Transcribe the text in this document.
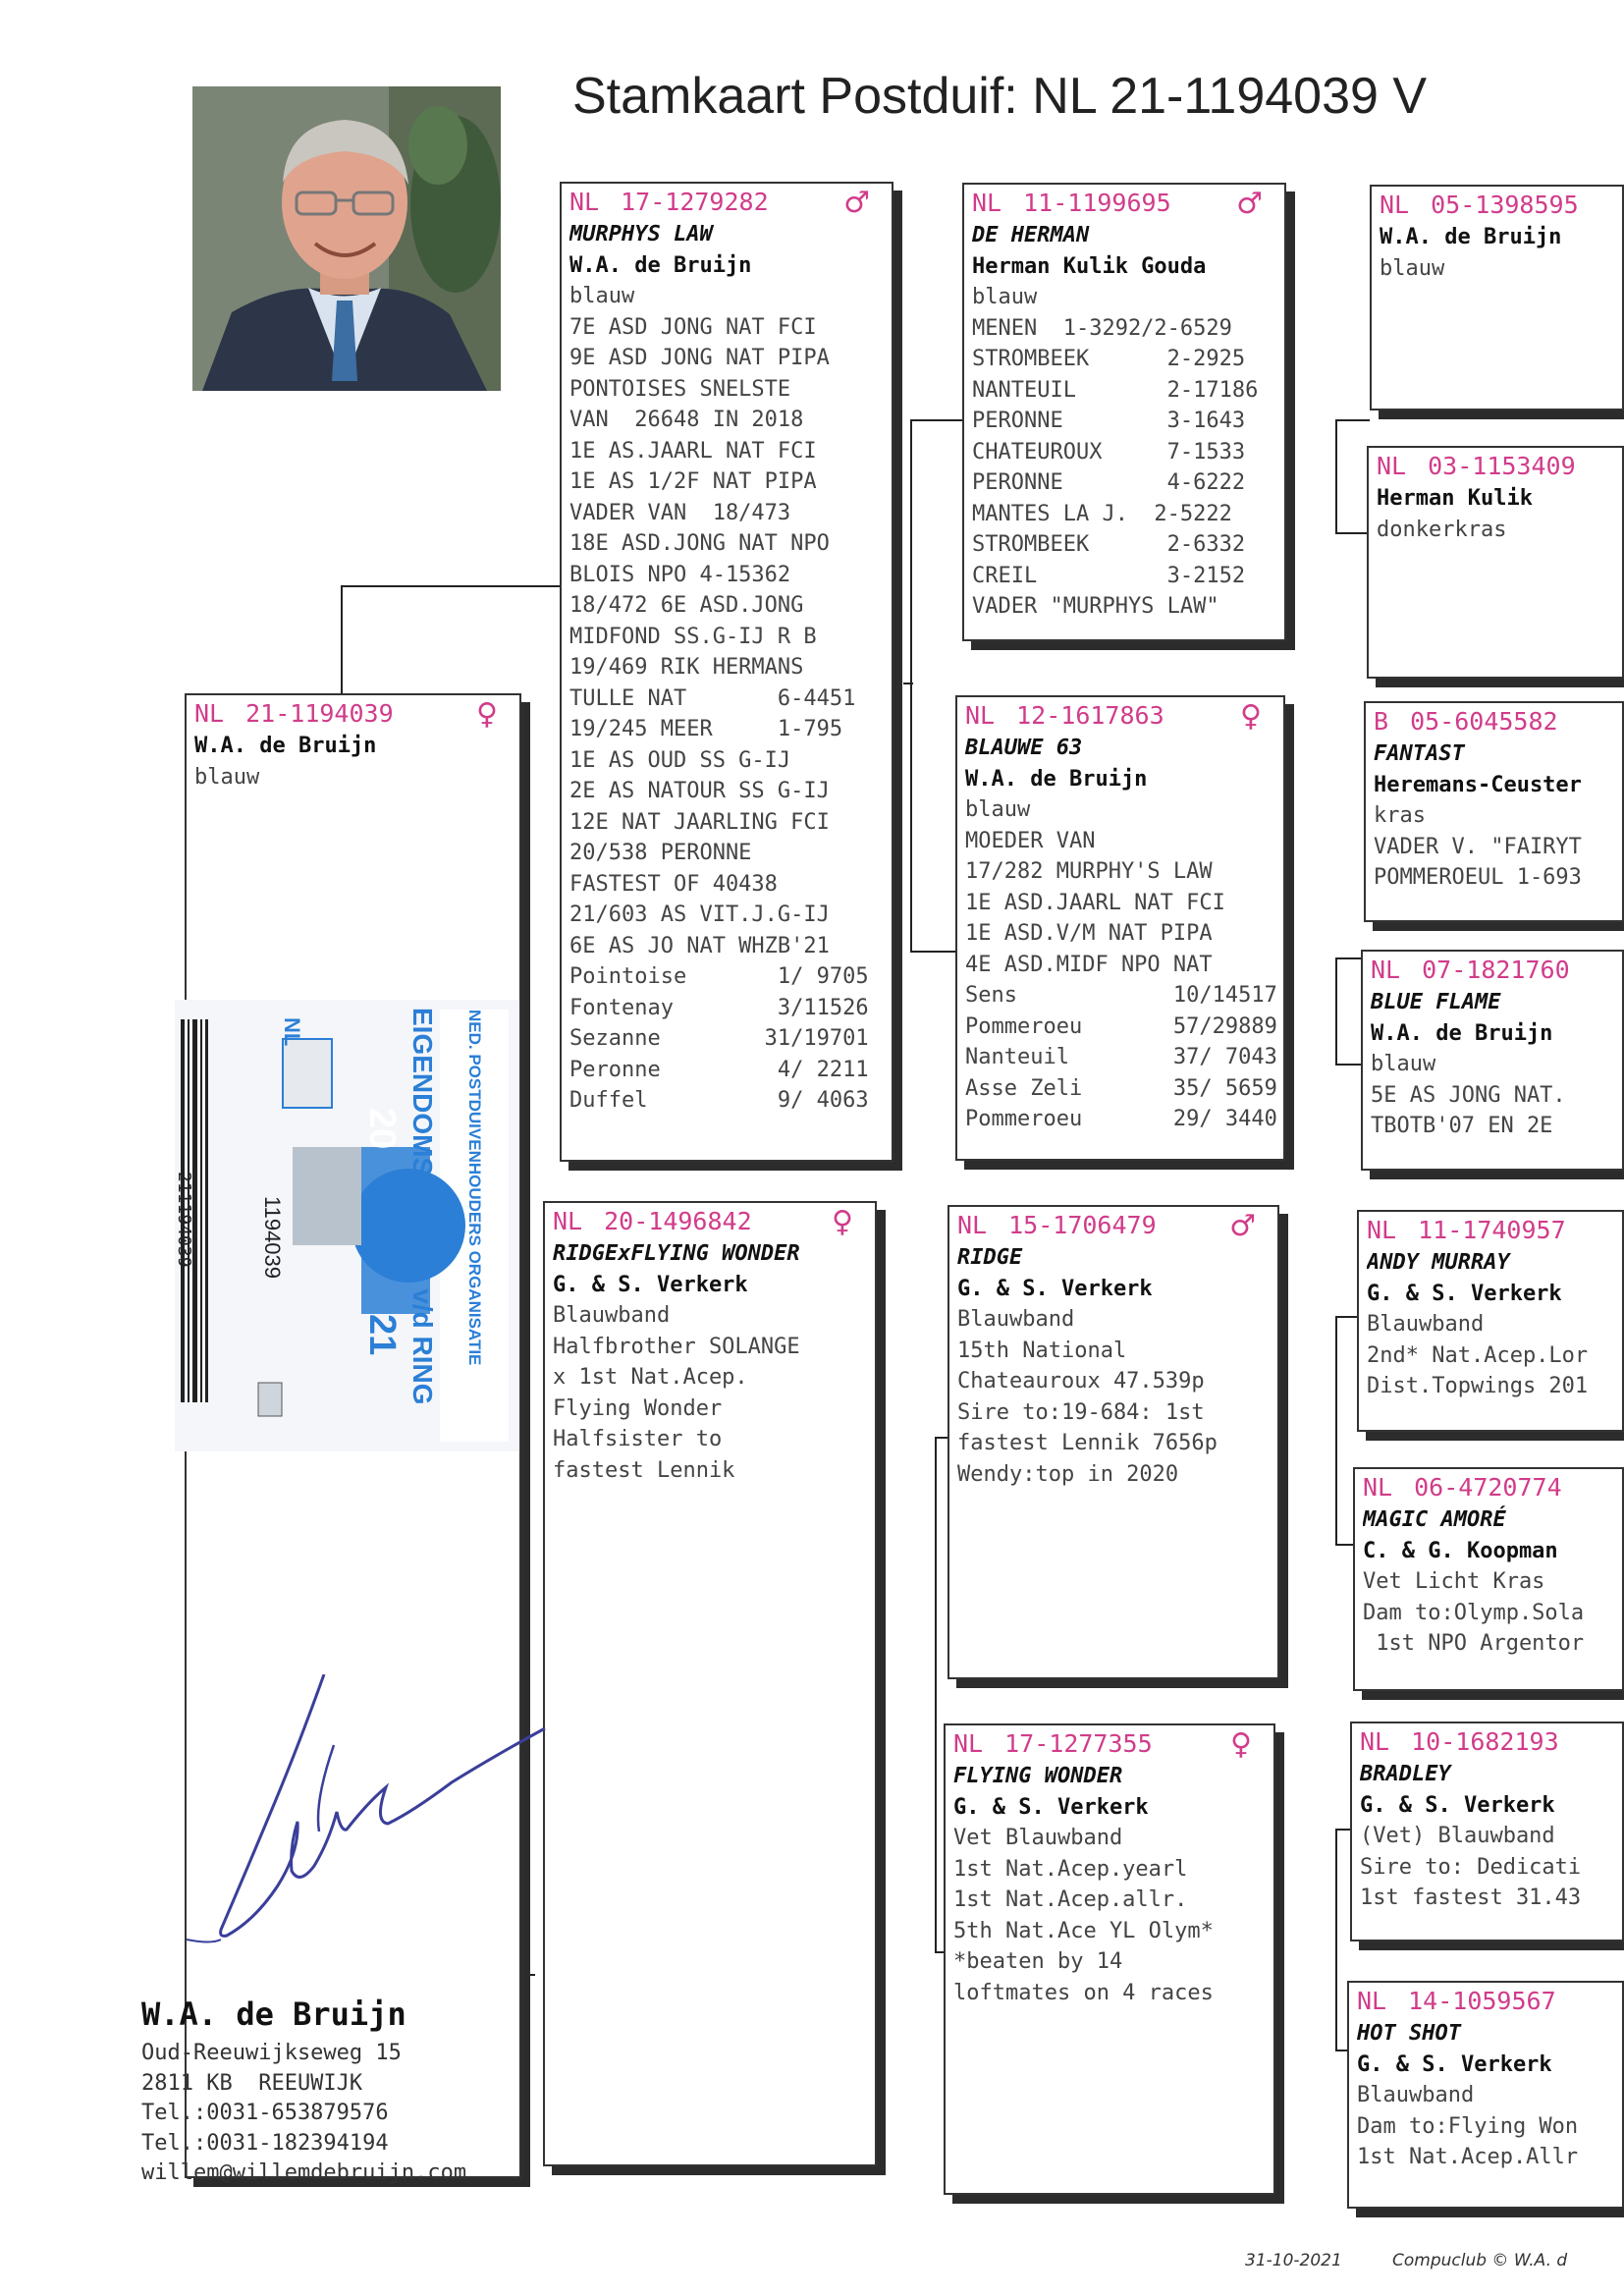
Stamkaart Postduif: NL 21-1194039 V
NL 21-1194039	♀
W.A. de Bruijn
blauw
NL 17-1279282	♂
MURPHYS LAW
W.A. de Bruijn
blauw
7E ASD JONG NAT FCI
9E ASD JONG NAT PIPA
PONTOISES SNELSTE
VAN  26648 IN 2018
1E AS.JAARL NAT FCI
1E AS 1/2F NAT PIPA
VADER VAN  18/473
18E ASD.JONG NAT NPO
BLOIS NPO 4-15362
18/472 6E ASD.JONG
MIDFOND SS.G-IJ R B
19/469 RIK HERMANS
TULLE NAT       6-4451
19/245 MEER     1-795
1E AS OUD SS G-IJ
2E AS NATOUR SS G-IJ
12E NAT JAARLING FCI
20/538 PERONNE
FASTEST OF 40438
21/603 AS VIT.J.G-IJ
6E AS JO NAT WHZB'21
Pointoise       1/ 9705
Fontenay        3/11526
Sezanne        31/19701
Peronne         4/ 2211
Duffel          9/ 4063
NL 20-1496842	♀
RIDGExFLYING WONDER
G. & S. Verkerk
Blauwband
Halfbrother SOLANGE
x 1st Nat.Acep.
Flying Wonder
Halfsister to
fastest Lennik
NL 11-1199695 ♂
DE HERMAN
Herman Kulik Gouda
blauw
MENEN  1-3292/2-6529
STROMBEEK      2-2925
NANTEUIL       2-17186
PERONNE        3-1643
CHATEUROUX     7-1533
PERONNE        4-6222
MANTES LA J.  2-5222
STROMBEEK      2-6332
CREIL          3-2152
VADER "MURPHYS LAW"
NL 12-1617863	♀
BLAUWE 63
W.A. de Bruijn
blauw
MOEDER VAN
17/282 MURPHY'S LAW
1E ASD.JAARL NAT FCI
1E ASD.V/M NAT PIPA
4E ASD.MIDF NPO NAT
Sens            10/14517
Pommeroeu       57/29889
Nanteuil        37/ 7043
Asse Zeli       35/ 5659
Pommeroeu       29/ 3440
NL 15-1706479 ♂
RIDGE
G. & S. Verkerk
Blauwband
15th National
Chateauroux 47.539p
Sire to:19-684: 1st
fastest Lennik 7656p
Wendy:top in 2020
NL 17-1277355	♀
FLYING WONDER
G. & S. Verkerk
Vet Blauwband
1st Nat.Acep.yearl
1st Nat.Acep.allr.
5th Nat.Ace YL Olym*
*beaten by 14
loftmates on 4 races
NL 05-1398595
W.A. de Bruijn
blauw
NL 03-1153409
Herman Kulik
donkerkras
B 05-6045582
FANTAST
Heremans-Ceuster
kras
VADER V. "FAIRYT
POMMEROEUL 1-693
NL 07-1821760
BLUE FLAME
W.A. de Bruijn
blauw
5E AS JONG NAT.
TBOTB'07 EN 2E
NL 11-1740957
ANDY MURRAY
G. & S. Verkerk
Blauwband
2nd* Nat.Acep.Lor
Dist.Topwings 201
NL 06-4720774
MAGIC AMORÉ
C. & G. Koopman
Vet Licht Kras
Dam to:Olymp.Sola
1st NPO Argentor
NL 10-1682193
BRADLEY
G. & S. Verkerk
(Vet) Blauwband
Sire to: Dedicati
1st fastest 31.43
NL 14-1059567
HOT SHOT
G. & S. Verkerk
Blauwband
Dam to:Flying Won
1st Nat.Acep.Allr
NED. POSTDUIVENHOUDERS ORGANISATIE
EIGENDOMSBEWIJS v/d RING
20
21
NL
1194039
211194039
W.A. de Bruijn
Oud-Reeuwijkseweg 15
2811 KB  REEUWIJK
Tel.:0031-653879576
Tel.:0031-182394194
willem@willemdebruijn.com
31-10-2021	Compuclub © W.A. d
